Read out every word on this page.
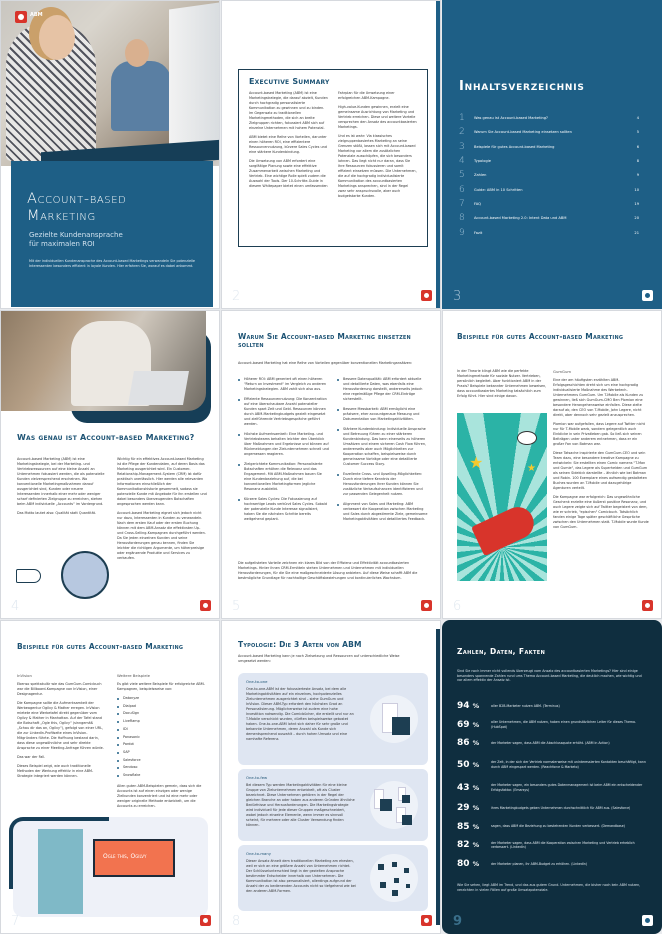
ABM
Account-based
Marketing
Gezielte Kundenansprache
für maximalen ROI
Mit der individuellen Kundenansprache des Account-based Marketings verwandeln Sie potenzielle Interessenten besonders effizient in loyale Kunden. Hier erfahren Sie, worauf es dabei ankommt.
Executive Summary

Account-based Marketing (ABM) ist eine Marketingstrategie, die darauf abzielt, Kunden durch hochgradig personalisierte Kommunikation zu gewinnen und zu binden. Im Gegensatz zu traditionellen Marketingmethoden, die sich an breite Zielgruppen richten, fokussiert ABM sich auf einzelne Unternehmen mit hohem Potenzial.

ABM bietet eine Reihe von Vorteilen, darunter einen höheren ROI, eine effizientere Ressourcennutzung, kürzere Sales Cycles und eine stärkere Kundenbindung.

Die Umsetzung von ABM erfordert eine sorgfältige Planung sowie eine effektive Zusammenarbeit zwischen Marketing und Vertrieb. Eine wichtige Rolle spielt zudem die Auswahl der Tools. Der 10-Schritte-Guide in diesem Whitepaper bietet einen umfassenden

Fahrplan für die Umsetzung einer erfolgreichen ABM-Kampagne.

High-value-Kunden gewinnen, erzielt eine gemeinsame Ausrichtung von Marketing und Vertrieb erreichen. Diese und weitere Vorteile versprechen den Ansatz des accountbasierten Marketings.

Und es ist wahr: Via klassisches zielgruppenbasiertes Marketing an seine Grenzen stößt, lassen sich mit Account-based Marketing vor allem die zusätzlichen Potenziale ausschöpfen, die sich besonders lohnen. Das liegt nicht nur daran, dass Sie Ihre Ressourcen fokussieren und somit effizient einsetzen müssen. Die Unternehmen, die auf die hochgradig individualisierte Kommunikation des accountbasierten Marketings ansprechen, sind in der Regel zwar sehr anspruchsvolle, aber auch budgetstarke Kunden.

2
Inhaltsverzeichnis
1	Was genau ist Account-based Marketing?	4
2	Warum Sie Account-based Marketing einsetzen sollten	5
3	Beispiele für gutes Account-based Marketing	6
4	Typologie	8
5	Zahlen	9
6	Guide: ABM in 10 Schritten	10
7	FAQ	19
8	Account-based Marketing 2.0: Intent Data und ABM	20
9	Fazit	21
3
Was genau ist Account-based Marketing?

Account-based Marketing (ABM) ist eine Marketingstrategie, bei der Marketing- und Vertriebsressourcen auf eine kleine Anzahl an Unternehmen fokussiert werden, die als potenzielle Kunden vielversprechend erscheinen. Wo konventionelle Marketingmaßnahmen darauf ausgerichtet sind, Kunden oder neuere Interessenten innerhalb einer mehr oder weniger scharf definierten Zielgruppe zu erreichen, stehen beim ABM individuelle „Accounts“ im Vordergrund.

Das Motto lautet also: Qualität statt Quantität.

Wichtig für ein effektives Account-based Marketing ist die Pflege der Kundendaten, auf deren Basis das Marketing ausgerichtet wird. Ein Customer-Relationship-Management-System (CRM) ist dafür praktisch unerlässlich. Hier werden alle relevanten Informationen einschließlich der Kommunikationshistorie gesammelt, sodass sie potenzielle Kunde mit Angebote für ihn erstellen und dabei besonders überzeugenden Botschaften angesprochen werden kann.

Account-based Marketing eignet sich jedoch nicht nur dazu, Interessenten in Kunden zu verwandeln. Nach dem ersten Kauf oder der ersten Buchung können mit dem ABM-Ansatz die effektivsten Up- und Cross-Selling-Kampagnen durchgeführt werden. Da Sie jeden einzelnen Kunden und seine Herausforderungen genau kennen, finden Sie leichter die richtigen Argumente, um höherpreisige oder ergänzende Produkte und Services zu verkaufen.

4
Warum Sie Account-based Marketing einsetzen sollten
Account-based Marketing hat eine Reihe von Vorteilen gegenüber konventionellen Marketingansätzen:
Höherer ROI: ABM generiert oft einen höheren "Return on Investment" im Vergleich zu anderen Marketingstrategien. ABM zahlt sich also aus.
Effiziente Ressourcennutzung: Die Konzentration auf eine überschaubare Anzahl potenzieller Kunden spart Zeit und Geld. Ressourcen können durch ABM-Marketingbudgets gezielt eingesetzt und zielführende Vertriebsgespräche geführt werden.
Höchste Aufmerksamkeit: Eine Marketing- und Vertriebsteams behalten leichter den Überblick über Maßnahmen und Ergebnisse und können auf Rückmeldungen der Zielunternehmen schnell und angemessen reagieren.
Zielgerichtete Kommunikation: Personalisierte Botschaften erhöhen die Relevanz und das Engagement. Mit ABM-Maßnahmen bauen Sie eine Kundenbeziehung auf, die bei konventionellen Marketingformen jegliche Resonanz ausbleibt.
Kürzere Sales Cycles: Die Fokussierung auf hochwertige Leads verkürzt Sales Cycles. Sobald der potenzielle Kunde Interesse signalisiert, haben Sie die nächsten Schritte bereits weitgehend geplant.
Bessere Datenqualität: ABM erfordert aktuelle und detaillierte Daten, was ebenfalls eine Herausforderung darstellt, andererseits jedoch eine regelmäßige Pflege der CRM-Einträge sicherstellt.
Bessere Messbarkeit: ABM ermöglicht eine präzisere, eher accountgenaue Messung und Dokumentation von Marketingaktivitäten.
Stärkere Kundenbindung: Individuelle Ansprache und Betreuung führen zu einer stärkeren Kundenbindung. Das kann einerseits zu höheren Umsätzen und einem sicheren Cash Flow führen, andererseits aber auch Möglichkeiten zur Kooperation schaffen, beispielsweise durch gemeinsame Vorträge oder eine detaillierte Customer Success Story.
Exzellente Cross- und Upselling-Möglichkeiten: Durch eine tiefere Kenntnis der Herausforderungen Ihrer Kunden können Sie zusätzliche Verkaufschancen identifizieren und zur passenden Gelegenheit nutzen.
Alignment von Sales und Marketing: ABM verbessert die Kooperation zwischen Marketing und Sales durch abgestimmte Ziele, gemeinsame Marketingaktivitäten und detailliertes Feedback.
Die aufgelisteten Vorteile zeichnen ein klares Bild von der Effizienz und Effektivität accountbasierten Marketings. Hinter ihnen CRM-Ermitteln stehen Unternehmen und Unternehmen mit individuellen Herausforderungen, für die Sie eine maßgeschneiderte Lösung anbieten. Auf diese Weise schafft ABM die bestmögliche Grundlage für nachhaltige Geschäftsbeziehungen und kontinuierliches Wachstum.
5
Beispiele für gutes Account-based Marketing
In der Theorie klingt ABM wie die perfekte Marketingmethode für soziale Nutzer. Vertrieben, persönlich begleitet. Aber funktioniert ABM in der Praxis? Beispiele bekannter Unternehmen beweisen, dass accountbasiertes Marketing tatsächlich zum Erfolg führt. Hier sind einige davon.
★	★
GumGum

Eine der am häufigsten erzählten ABM-Erfolgsgeschichten dreht sich um eine hochgradig individualisierte Maßnahme des Werbetech-Unternehmens GumGum. Um T-Mobile als Kunden zu gewinnen, ließ sich GumGum-CMO Ben Plomion eine besondere Herangehensweise einfallen. Diese zielte darauf ab, den CEO von T-Mobile, John Legere, nicht direkt, aber dennoch sehr gezielt anzusprechen.

Plomion war aufgefallen, dass Legere auf Twitter nicht nur für T-Mobile warb, sondern gelegentlich auch Einblicke in sein Privatleben gab. So ließ sich seinen Beiträgen unter anderem entnehmen, dass er ein großer Fan von Batman war.

Diese Tatsache inspirierte den GumGum-CEO und sein Team dazu, eine besondere kreative Kampagne zu entwickeln: Sie erstellten einen Comic namens "T-Man und Gumie", das Legere als Superhelden und GumGum als seinen Sidekick darstellte – ähnlich wie bei Batman und Robin. 100 Exemplare eines aufwendig gestalteten Buches wurden an T-Mobile und dazugehörige Agenturen verteilt.

Die Kampagne war erfolgreich: Das ungewöhnliche Geschenk erzielte eine äußerst positive Resonanz, und auch Legere zeigte sich auf Twitter begeistert von dem, wie er schrieb, "epischen" Comicbuch. Tatsächlich fanden einige Tage später geschäftliche Gespräche zwischen den Unternehmen statt. T-Mobile wurde Kunde von GumGum.

6
Beispiele für gutes Account-based Marketing
InVision

Ebenso spektakulär wie das GumGum-Comicbuch war die Billboard-Kampagne von InVision, einer Designagentur.

Die Kampagne sollte die Aufmerksamkeit der Werbeagentur Ogilvy & Mather erregen. InVision mietete eine Werbetafel direkt gegenüber vom Ogilvy & Mather in Manhattan. Auf der Tafel stand die Botschaft „Ogle this, Ogilvy“ (sinngemäß „Schau dir das an, Ogilvy“), gefolgt von einer URL, die zur LinkedIn-Profilseite eines InVision-Mitgründers führte. Die Hoffnung bestand darin, dass diese ungewöhnliche und sehr direkte Ansprache zu einer Meeting-Anfrage führen würde.

Das war der Fall.

Dieses Beispiel zeigt, wie auch traditionelle Methoden der Werbung effektiv in eine ABM-Strategie integriert werden können.

Weitere Beispiele

Es gibt viele weitere Beispiele für erfolgreiche ABM-Kampagnen, beispielsweise von:

Datanyze
Dialpad
DocuSign
LiveRamp
IDI
Panasonic
Pardot
SAP
Salesforce
Sendoso
Snowflake

Allen guten ABM-Beispielen gemein, dass sich die Accounts ist auf einen einzigen oder wenige Zielkunden konzentriert und ist eine mehr oder weniger originelle Methode entwickelt, um die Accounts zu erreichen.

Ogle this, Ogilvy
7
Typologie: Die 3 Arten von ABM
Account-based Marketing kann je nach Zielsetzung und Ressourcen auf unterschiedliche Weise umgesetzt werden:
One-to-one
One-to-one-ABM ist der fokussierteste Ansatz, bei dem alle Marketingaktivitäten auf ein einzelnes, hochpotenzielles Zielunternehmen ausgerichtet sind – siehe GumGum und InVision. Dieser ABM-Typ erfordert den höchsten Grad an Personalisierung. Möglicherweise ist zudem eine hohe Investition notwendig. Die Comicbücher, die erstellt und nur an T-Mobile verschickt wurden, dürften beispielsweise gekostet haben. One-to-one-ABM lohnt sich daher für sehr große und bekannte Unternehmen, deren Anzahl als Kunde sich dementsprechend auszahlt – durch hohen Umsatz und eine namhafte Referenz.
One-to-few
Bei diesem Typ werden Marketingaktivitäten für eine kleine Gruppe von Zielunternehmen entwickelt, oft als Cluster bezeichnet. Diese Unternehmen gehören in der Regel der gleichen Branche an oder haben aus anderen Gründen ähnliche Bedürfnisse und Herausforderungen. Die Marketingstrategie wird individuell für jede dieser Gruppen maßgeschneidert, wobei jedoch einzelne Elemente, wenn immer es sinnvoll scheint, für mehrere oder alle Cluster Verwendung finden können.
One-to-many
Dieser Ansatz ähnelt dem traditionellen Marketing am ehesten, weil er sich an eine größere Anzahl von Unternehmen richtet. Der Schlüsselunterschied liegt in der gezielten Ansprache bestimmter Entscheider innerhalb von Unternehmen. Die Kommunikation ist also personalisiert, allerdings aufgrund der Anzahl der zu bedienenden Accounts nicht so tiefgehend wie bei den anderen ABM-Formen.
8
Zahlen, Daten, Fakten
Sind Sie noch immer nicht vollends überzeugt vom Ansatz des accountbasierten Marketings? Hier sind einige besonders spannende Zahlen rund ums Thema Account-based Marketing, die deutlich machen, wie wichtig und vor allem effektiv der Ansatz ist.
94 %	aller B2B-Marketer nutzen ABM. (Terminus)
69 %	aller Unternehmen, die ABM nutzen, haben einen grundsätzlichen Leiter für dieses Thema. (HubSpot)
86 %	der Marketer sagen, dass ABM die Abschlussquote erhöht. (ABM in Action)
50 %	der Zeit, in der sich der Vertrieb normalerweise mit uninteressierten Kontakten beschäftigt, kann durch ABM eingespart werden. (Reachforce & Marketo)
43 %	der Marketer sagen, ein besonders gutes Datenmanagement ist beim ABM ein entscheidender Erfolgsfaktor. (Emarsys)
29 %	ihres Marketingbudgets geben Unternehmen durchschnittlich für ABM aus. (Salesforce)
85 %	sagen, dass ABM die Beziehung zu bestehenden Kunden verbessert. (Demandbase)
82 %	der Marketer sagen, dass ABM die Kooperation zwischen Marketing und Vertrieb erheblich verbessert. (LinkedIn)
80 %	der Marketer planen, ihr ABM-Budget zu erhöhen. (LinkedIn)
Wie Sie sehen, liegt ABM im Trend, und das aus gutem Grund. Unternehmen, die bisher noch kein ABM nutzen, verzichten in vielen Fällen auf große Umsatzpotenziale.
9
